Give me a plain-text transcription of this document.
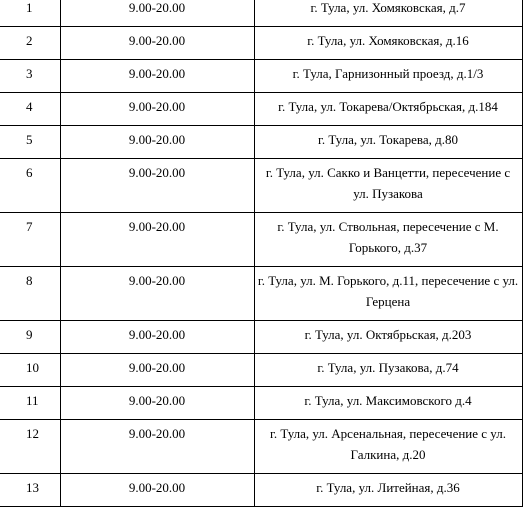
1	9.00-20.00	г. Тула, ул. Хомяковская, д.7
2	9.00-20.00	г. Тула, ул. Хомяковская, д.16
3	9.00-20.00	г. Тула, Гарнизонный проезд, д.1/3
4	9.00-20.00	г. Тула, ул. Токарева/Октябрьская, д.184
5	9.00-20.00	г. Тула, ул. Токарева, д.80
6	9.00-20.00	г. Тула, ул. Сакко и Ванцетти, пересечение с ул. Пузакова
7	9.00-20.00	г. Тула, ул. Ствольная, пересечение с М. Горького, д.37
8	9.00-20.00	г. Тула, ул. М. Горького, д.11, пересечение с ул. Герцена
9	9.00-20.00	г. Тула, ул. Октябрьская, д.203
10	9.00-20.00	г. Тула, ул. Пузакова, д.74
11	9.00-20.00	г. Тула, ул. Максимовского д.4
12	9.00-20.00	г. Тула, ул. Арсенальная, пересечение с ул. Галкина, д.20
13	9.00-20.00	г. Тула, ул. Литейная, д.36
